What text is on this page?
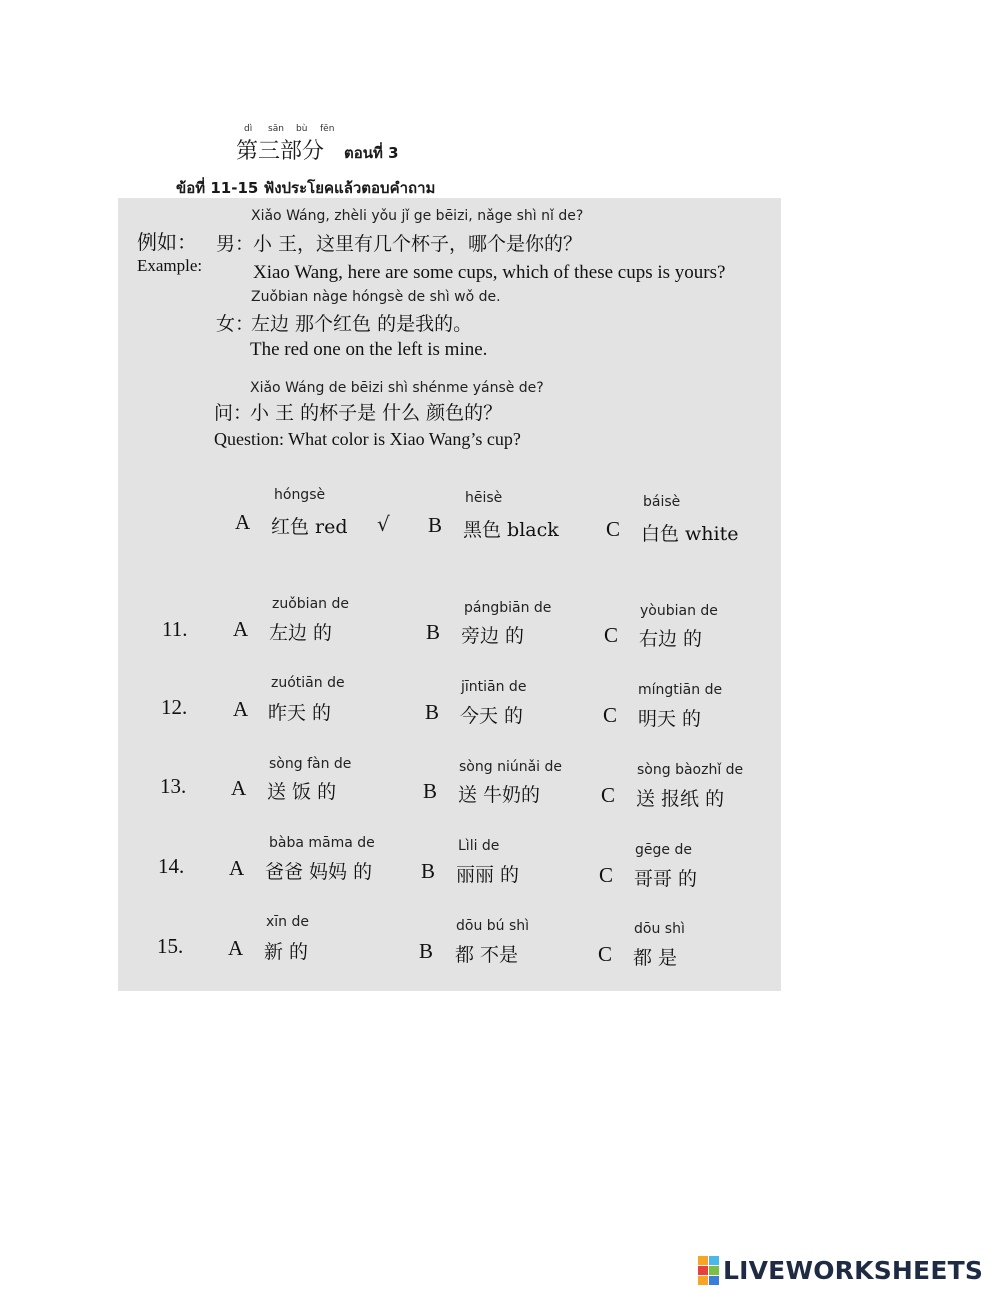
dì sān bù fēn
第三部分 ตอนที่ 3
ข้อที่ 11-15 ฟังประโยคแล้วตอบคำถาม
Xiǎo Wáng, zhèli yǒu jǐ ge bēizi, nǎge shì nǐ de?
例如： 男：
小 王，这里有几个杯子，哪个是你的？
Example:	Xiao Wang, here are some cups, which of these cups is yours?
Zuǒbian nàge hóngsè de shì wǒ de.
女：
左边 那个红色 的是我的。
The red one on the left is mine.
Xiǎo Wáng de bēizi shì shénme yánsè de?
问：
小 王 的杯子是 什么 颜色的？
Question: What color is Xiao Wang’s cup?
hóngsè
A 红色 red √
hēisè
B 黑色 black
báisè
C 白色 white
11.
zuǒbian de
A 左边 的
pángbiān de
B 旁边 的
yòubian de
C 右边 的
12.
zuótiān de
A 昨天 的
jīntiān de
B 今天 的
míngtiān de
C 明天 的
13.
sòng fàn de
A 送 饭 的
sòng niúnǎi de
B 送 牛奶的
sòng bàozhǐ de
C 送 报纸 的
14.
bàba māma de
A 爸爸 妈妈 的
Lìli de
B 丽丽 的
gēge de
C 哥哥 的
15.
xīn de
A 新 的
dōu bú shì
B 都 不是
dōu shì
C 都 是
LIVEWORKSHEETS
